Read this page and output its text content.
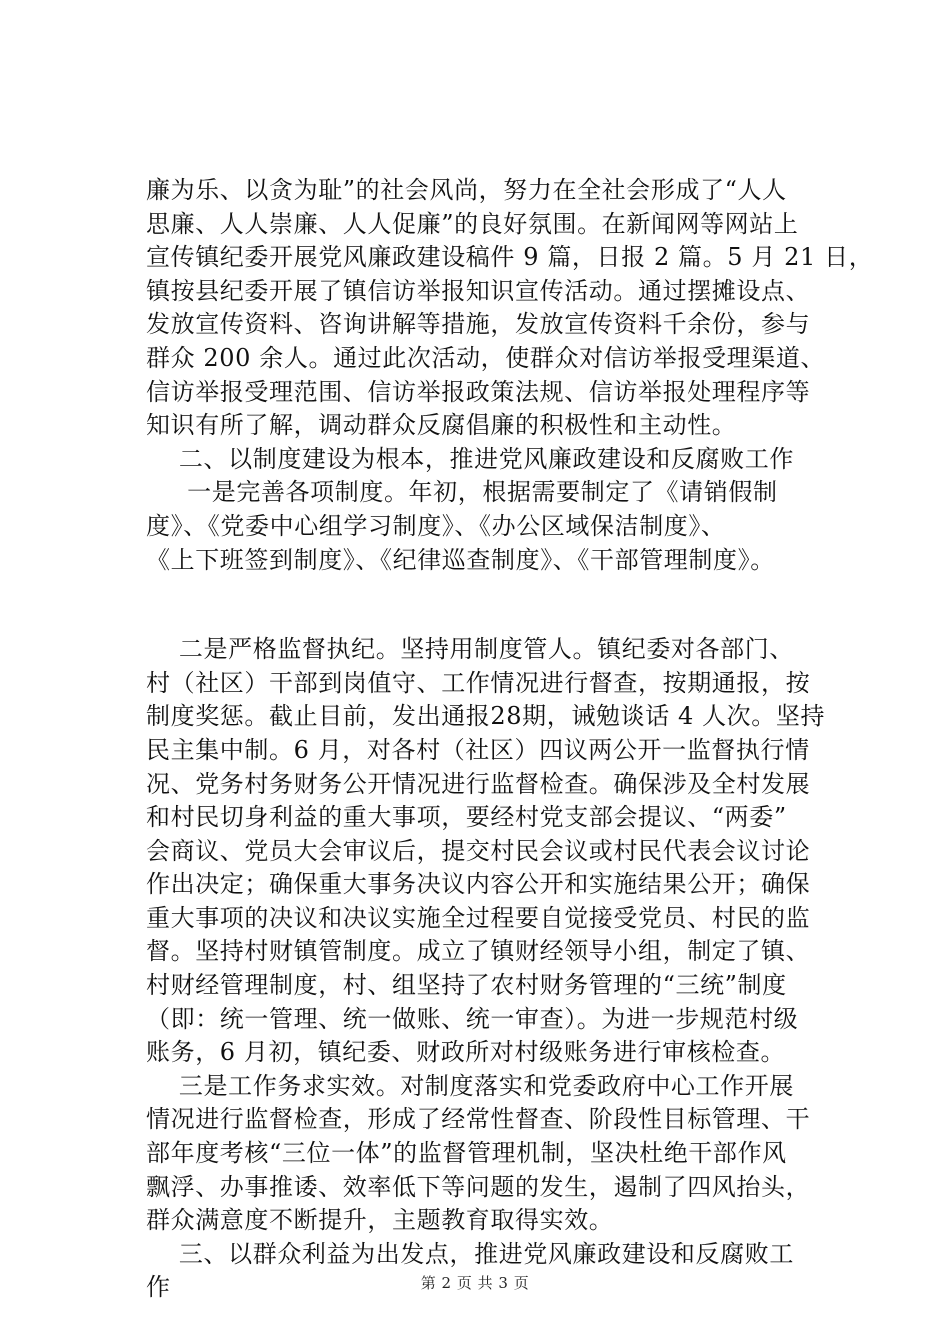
廉为乐、以贪为耻”的社会风尚，努力在全社会形成了“人人
思廉、人人崇廉、人人促廉”的良好氛围。在新闻网等网站上
宣传镇纪委开展党风廉政建设稿件 9 篇，日报 2 篇。5 月 21 日，
镇按县纪委开展了镇信访举报知识宣传活动。通过摆摊设点、
发放宣传资料、咨询讲解等措施，发放宣传资料千余份，参与
群众 200 余人。通过此次活动，使群众对信访举报受理渠道、
信访举报受理范围、信访举报政策法规、信访举报处理程序等
知识有所了解，调动群众反腐倡廉的积极性和主动性。
二、以制度建设为根本，推进党风廉政建设和反腐败工作
一是完善各项制度。年初，根据需要制定了《请销假制
度》、《党委中心组学习制度》、《办公区域保洁制度》、
《上下班签到制度》、《纪律巡查制度》、《干部管理制度》。
二是严格监督执纪。坚持用制度管人。镇纪委对各部门、
村（社区）干部到岗值守、工作情况进行督查，按期通报，按
制度奖惩。截止目前，发出通报28期，诫勉谈话 4 人次。坚持
民主集中制。6 月，对各村（社区）四议两公开一监督执行情
况、党务村务财务公开情况进行监督检查。确保涉及全村发展
和村民切身利益的重大事项，要经村党支部会提议、“两委”
会商议、党员大会审议后，提交村民会议或村民代表会议讨论
作出决定；确保重大事务决议内容公开和实施结果公开；确保
重大事项的决议和决议实施全过程要自觉接受党员、村民的监
督。坚持村财镇管制度。成立了镇财经领导小组，制定了镇、
村财经管理制度，村、组坚持了农村财务管理的“三统”制度
（即：统一管理、统一做账、统一审查）。为进一步规范村级
账务，6 月初，镇纪委、财政所对村级账务进行审核检查。
三是工作务求实效。对制度落实和党委政府中心工作开展
情况进行监督检查，形成了经常性督查、阶段性目标管理、干
部年度考核“三位一体”的监督管理机制，坚决杜绝干部作风
飘浮、办事推诿、效率低下等问题的发生，遏制了四风抬头，
群众满意度不断提升，主题教育取得实效。
三、以群众利益为出发点，推进党风廉政建设和反腐败工
作	第 2 页 共 3 页
